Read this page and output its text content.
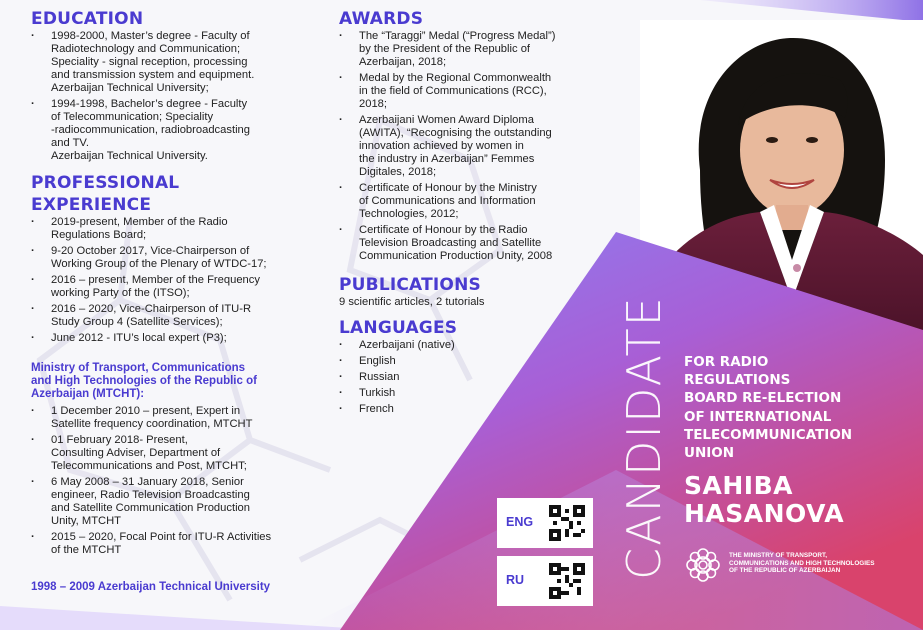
EDUCATION
· 1998-2000, Master’s degree - Faculty of
Radiotechnology and Communication;
Speciality - signal reception, processing
and transmission system and equipment.
Azerbaijan Technical University;
· 1994-1998, Bachelor’s degree - Faculty
of Telecommunication; Speciality
-radiocommunication, radiobroadcasting
and TV.
Azerbaijan Technical University.
PROFESSIONAL
EXPERIENCE
· 2019-present, Member of the Radio
Regulations Board;
· 9-20 October 2017, Vice-Chairperson of
Working Group of the Plenary of WTDC-17;
· 2016 – present, Member of the Frequency
working Party of the (ITSO);
· 2016 – 2020, Vice-Chairperson of ITU-R
Study Group 4 (Satellite Services);
· June 2012 - ITU’s local expert (P3);
Ministry of Transport, Communications
and High Technologies of the Republic of
Azerbaijan (MTCHT):
· 1 December 2010 – present, Expert in
Satellite frequency coordination, MTCHT
· 01 February 2018- Present,
Consulting Adviser, Department of
Telecommunications and Post, MTCHT;
· 6 May 2008 – 31 January 2018, Senior
engineer, Radio Television Broadcasting
and Satellite Communication Production
Unity, MTCHT
· 2015 – 2020, Focal Point for ITU-R Activities
of the MTCHT
1998 – 2009 Azerbaijan Technical University
AWARDS
· The “Taraggi” Medal (“Progress Medal”)
by the President of the Republic of
Azerbaijan, 2018;
· Medal by the Regional Commonwealth
in the field of Communications (RCC),
2018;
· Azerbaijani Women Award Diploma
(AWITA), “Recognising the outstanding
innovation achieved by women in
the industry in Azerbaijan” Femmes
Digitales, 2018;
· Certificate of Honour by the Ministry
of Communications and Information
Technologies, 2012;
· Certificate of Honour by the Radio
Television Broadcasting and Satellite
Communication Production Unity, 2008
PUBLICATIONS
9 scientific articles, 2 tutorials
LANGUAGES
· Azerbaijani (native)
· English
· Russian
· Turkish
· French
ENG
RU CANDIDATE FOR RADIO
REGULATIONS
BOARD RE-ELECTION
OF INTERNATIONAL
TELECOMMUNICATION
UNION
SAHIBA
HASANOVA
THE MINISTRY OF TRANSPORT,
COMMUNICATIONS AND HIGH TECHNOLOGIES
OF THE REPUBLIC OF AZERBAIJAN
